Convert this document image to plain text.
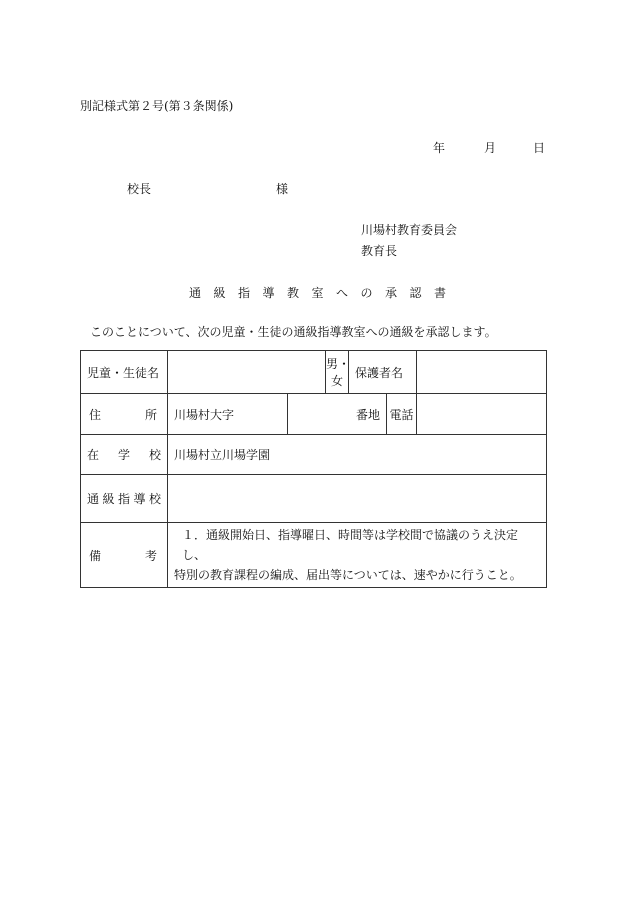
別記様式第２号(第３条関係)
年	月	日
校長	様
川場村教育委員会
教育長
通級指導教室への承認書
このことについて、次の児童・生徒の通級指導教室への通級を承認します。
児童・生徒名			男・女	保護者名		
住　　所	川場村大字	番地			電話	
在　学　校	川場村立川場学園					
通級指導校						
備　　考	１．通級開始日、指導曜日、時間等は学校間で協議のうえ決定し、
特別の教育課程の編成、届出等については、速やかに行うこと。					
